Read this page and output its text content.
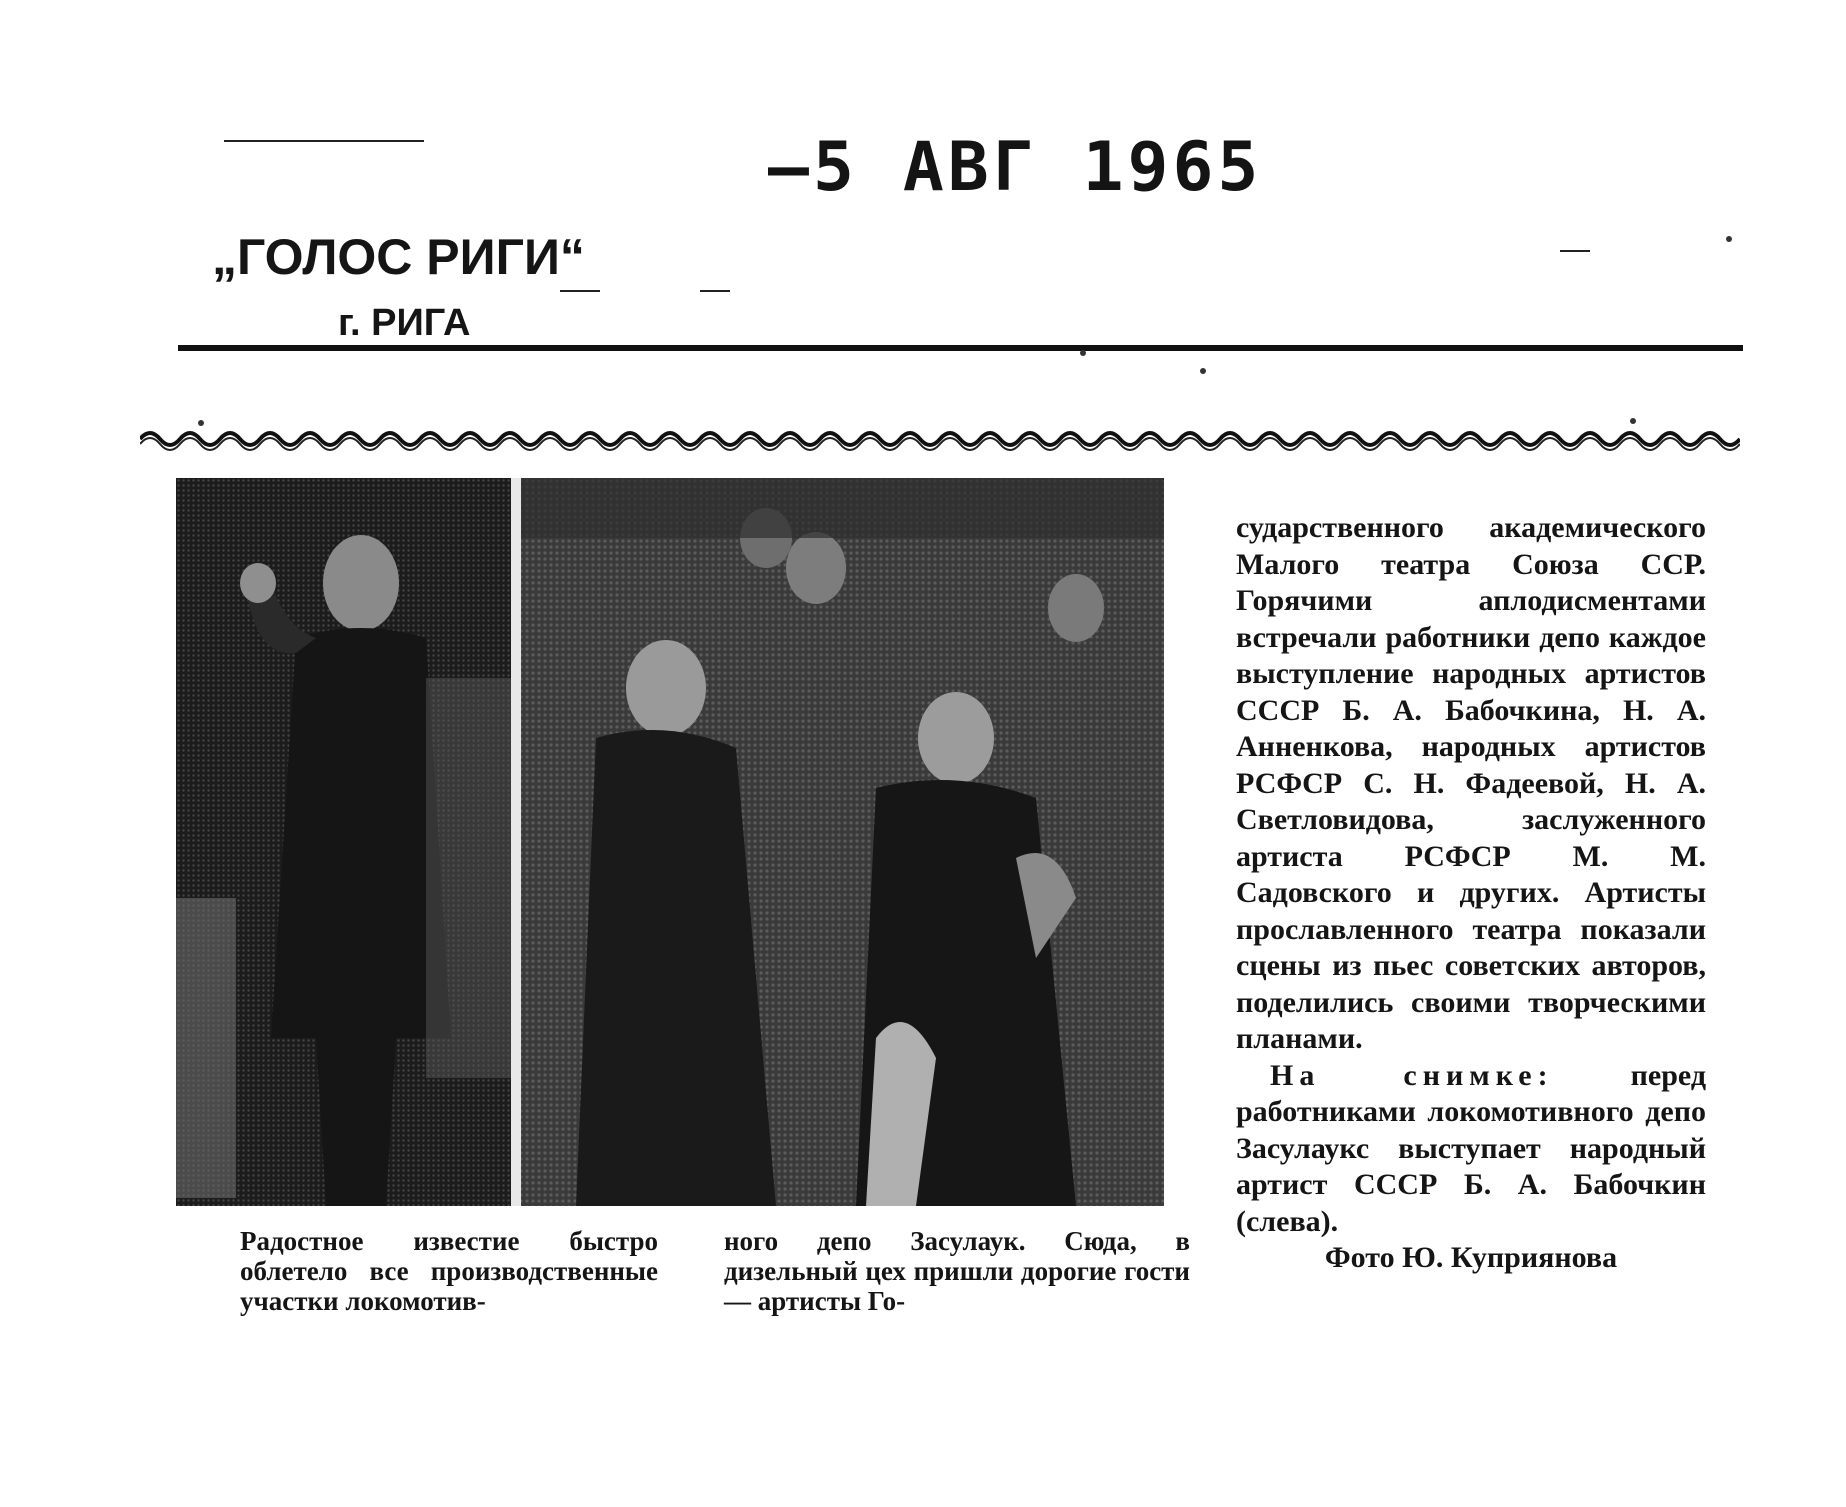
—5 АВГ 1965
„ГОЛОС РИГИ“
г. РИГА

Радостное известие быстро облетело все производственные участки локомотив-

ного депо Засулаук. Сюда, в дизельный цех пришли дорогие гости — артисты Го-

сударственного академического Малого театра Союза ССР. Горячими аплодисментами встречали работники депо каждое выступление народных артистов СССР Б. А. Бабочкина, Н. А. Анненкова, народных артистов РСФСР С. Н. Фадеевой, Н. А. Светловидова, заслуженного артиста РСФСР М. М. Садовского и других. Артисты прославленного театра показали сцены из пьес советских авторов, поделились своими творческими планами.

На снимке: перед работниками локомотивного депо Засулаукс выступает народный артист СССР Б. А. Бабочкин (слева).

Фото Ю. Куприянова
